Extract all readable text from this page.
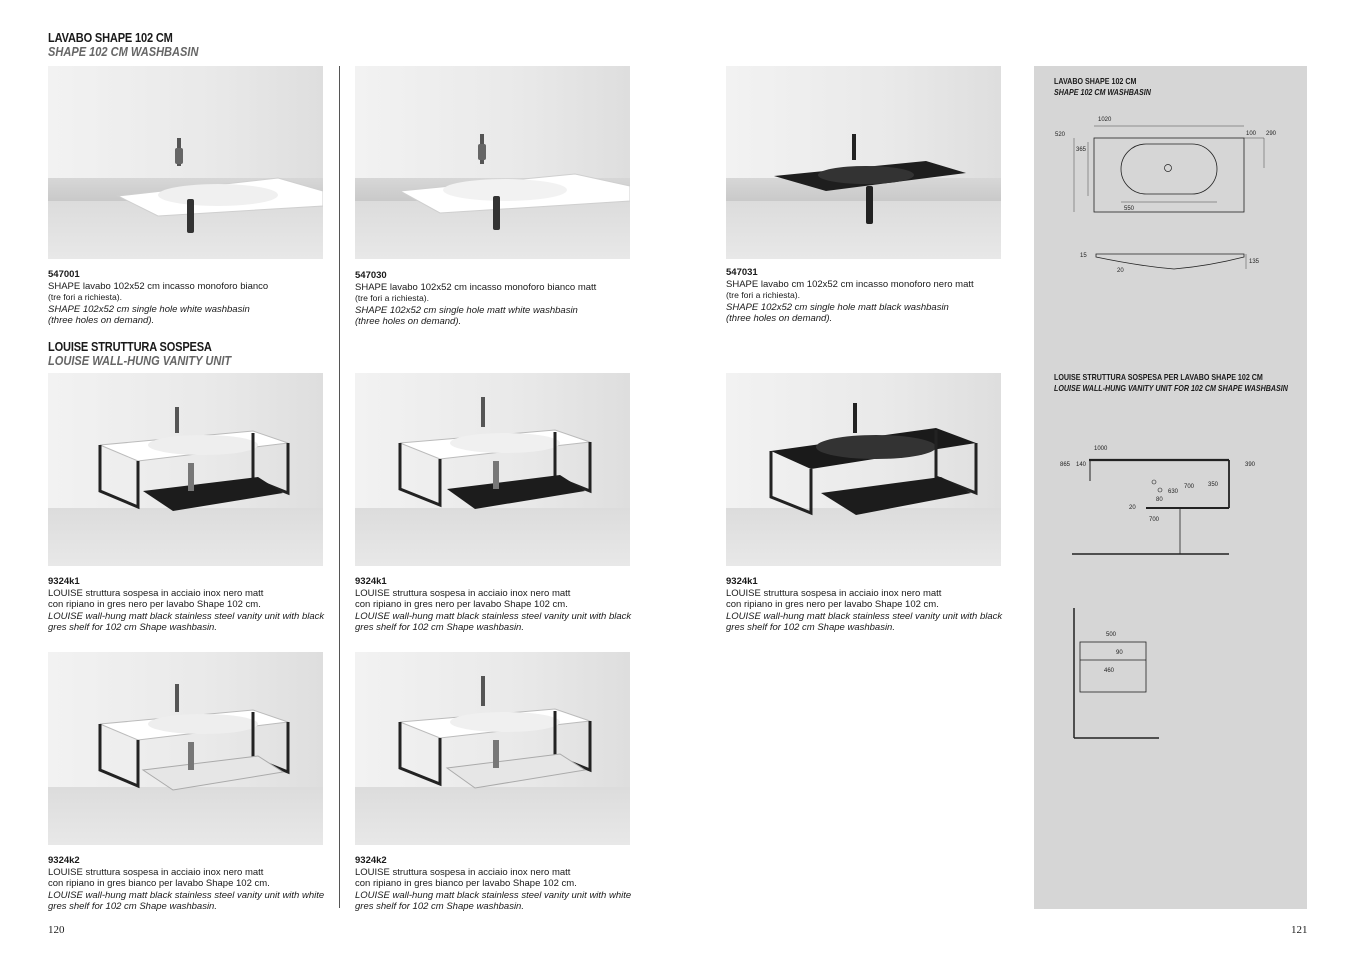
LAVABO SHAPE 102 CM
SHAPE 102 CM WASHBASIN
547001
SHAPE lavabo 102x52 cm incasso monoforo bianco
(tre fori a richiesta).
SHAPE 102x52 cm single hole white washbasin
(three holes on demand).
547030
SHAPE lavabo 102x52 cm incasso monoforo bianco matt
(tre fori a richiesta).
SHAPE 102x52 cm single hole matt white washbasin
(three holes on demand).
547031
SHAPE lavabo cm 102x52 cm incasso monoforo nero matt
(tre fori a richiesta).
SHAPE 102x52 cm single hole matt black washbasin
(three holes on demand).
LOUISE STRUTTURA SOSPESA
LOUISE WALL-HUNG VANITY UNIT
9324k1
LOUISE struttura sospesa in acciaio inox nero matt
con ripiano in gres nero per lavabo Shape 102 cm.
LOUISE wall-hung matt black stainless steel vanity unit with black
gres shelf for 102 cm Shape washbasin.
9324k1
LOUISE struttura sospesa in acciaio inox nero matt
con ripiano in gres nero per lavabo Shape 102 cm.
LOUISE wall-hung matt black stainless steel vanity unit with black
gres shelf for 102 cm Shape washbasin.
9324k1
LOUISE struttura sospesa in acciaio inox nero matt
con ripiano in gres nero per lavabo Shape 102 cm.
LOUISE wall-hung matt black stainless steel vanity unit with black
gres shelf for 102 cm Shape washbasin.
9324k2
LOUISE struttura sospesa in acciaio inox nero matt
con ripiano in gres bianco per lavabo Shape 102 cm.
LOUISE wall-hung matt black stainless steel vanity unit with white
gres shelf for 102 cm Shape washbasin.
9324k2
LOUISE struttura sospesa in acciaio inox nero matt
con ripiano in gres bianco per lavabo Shape 102 cm.
LOUISE wall-hung matt black stainless steel vanity unit with white
gres shelf for 102 cm Shape washbasin.
120	121
LAVABO SHAPE 102 CM
SHAPE 102 CM WASHBASIN
1020
520
365
100 290
550
15
20
135
LOUISE STRUTTURA SOSPESA PER LAVABO SHAPE 102 CM
LOUISE WALL-HUNG VANITY UNIT FOR 102 CM SHAPE WASHBASIN
1000
865 140	390
350
700
630
80
20
700
500
90
460
